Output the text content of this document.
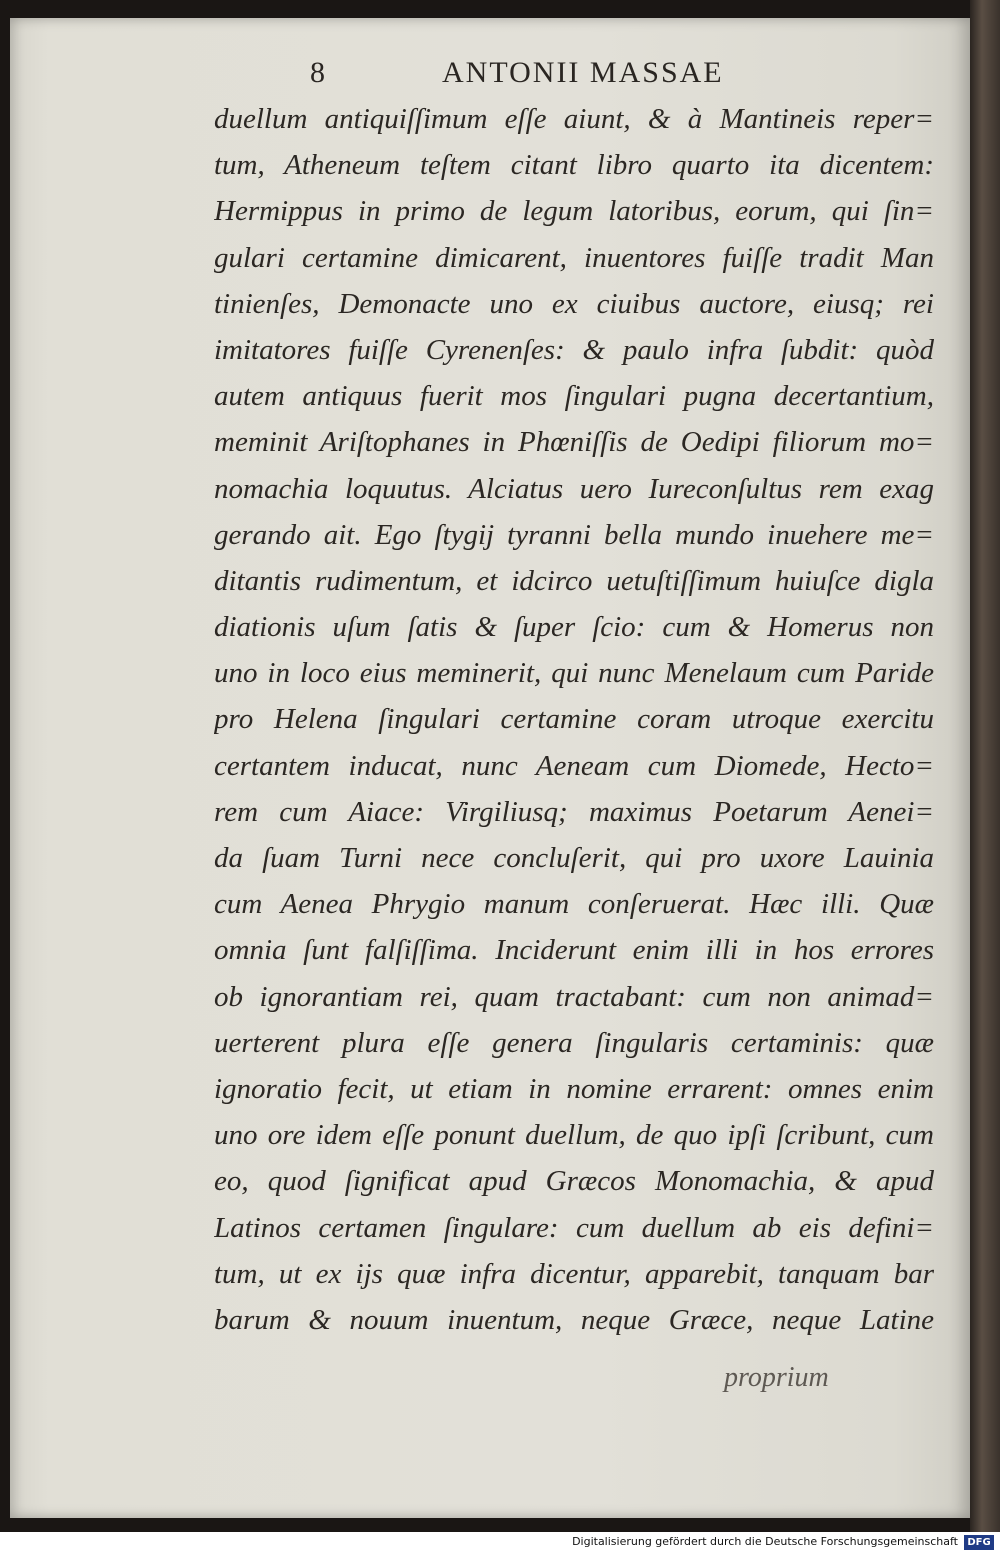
8	ANTONII MASSAE
duellum antiquiſſimum eſſe aiunt, & à Mantineis reper=
tum, Atheneum teſtem citant libro quarto ita dicentem:
Hermippus in primo de legum latoribus, eorum, qui ſin=
gulari certamine dimicarent, inuentores fuiſſe tradit Man
tinienſes, Demonacte uno ex ciuibus auctore, eiusq; rei
imitatores fuiſſe Cyrenenſes: & paulo infra ſubdit: quòd
autem antiquus fuerit mos ſingulari pugna decertantium,
meminit Ariſtophanes in Phœniſſis de Oedipi filiorum mo=
nomachia loquutus. Alciatus uero Iureconſultus rem exag
gerando ait. Ego ſtygij tyranni bella mundo inuehere me=
ditantis rudimentum, et idcirco uetuſtiſſimum huiuſce digla
diationis uſum ſatis & ſuper ſcio: cum & Homerus non
uno in loco eius meminerit, qui nunc Menelaum cum Paride
pro Helena ſingulari certamine coram utroque exercitu
certantem inducat, nunc Aeneam cum Diomede, Hecto=
rem cum Aiace: Virgiliusq; maximus Poetarum Aenei=
da ſuam Turni nece concluſerit, qui pro uxore Lauinia
cum Aenea Phrygio manum conſeruerat. Hæc illi. Quæ
omnia ſunt falſiſſima. Inciderunt enim illi in hos errores
ob ignorantiam rei, quam tractabant: cum non animad=
uerterent plura eſſe genera ſingularis certaminis: quæ
ignoratio fecit, ut etiam in nomine errarent: omnes enim
uno ore idem eſſe ponunt duellum, de quo ipſi ſcribunt, cum
eo, quod ſignificat apud Græcos Monomachia, & apud
Latinos certamen ſingulare: cum duellum ab eis defini=
tum, ut ex ijs quæ infra dicentur, apparebit, tanquam bar
barum & nouum inuentum, neque Græce, neque Latine
proprium
Digitalisierung gefördert durch die Deutsche Forschungsgemeinschaft DFG
